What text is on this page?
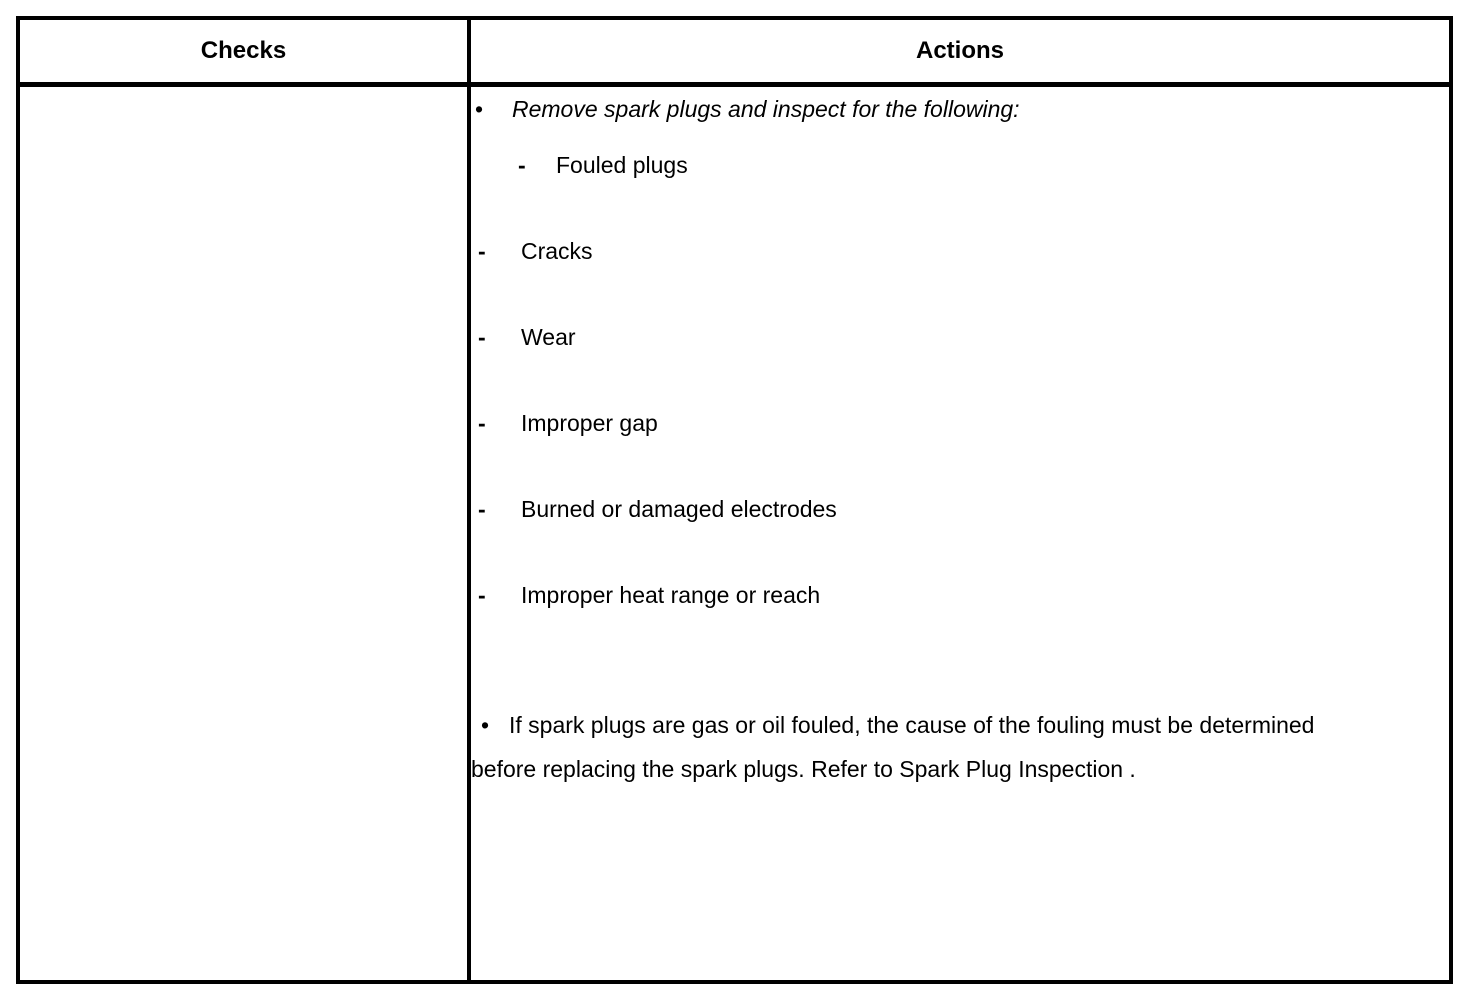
Checks	Actions

• Remove spark plugs and inspect for the following:
- Fouled plugs
- Cracks
- Wear
- Improper gap
- Burned or damaged electrodes
- Improper heat range or reach
• If spark plugs are gas or oil fouled, the cause of the fouling must be determined before replacing the spark plugs. Refer to Spark Plug Inspection .
